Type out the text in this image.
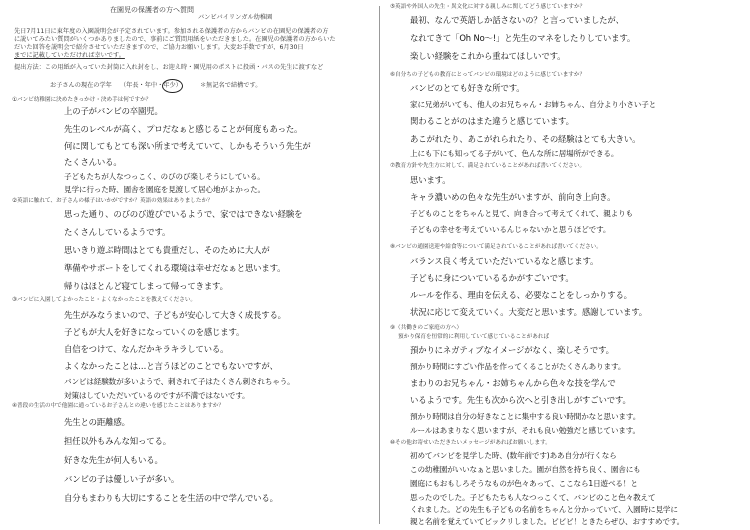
在園児の保護者の方へ質問
バンビバイリンガル幼稚園
先日7月11日に東年度の入園説明会が予定されています。参加される保護者の方からバンビの在園児の保護者の方
に説いてみたい質問がいくつかありましたので、事前にご質問用紙をいただきました。在園児の保護者の方からいた
だいた回答を説明会で紹介させていただきますので、ご協力お願いします。大変お手数ですが、6月30日
までに記載していただければ幸いです。
提出方法：この用紙が入っていた封筒に入れ封をし、お迎え時・園児用のポストに投函・バスの先生に渡すなど
お子さんの現在の学年 （年長・年中・年少）	＊無記名で結構です。
①バンビ幼稚園に決めたきっかけ・決め手は何ですか？
上の子がバンビの卒園児。
先生のレベルが高く、プロだなぁと感じることが何度もあった。
何に関してもとても深い所まで考えていて、しかもそういう先生が
たくさんいる。
子どもたちが人なつっこく、のびのび楽しそうにしている。
見学に行った時、園舎を園庭を見渡して居心地がよかった。
②英語に触れて、お子さんの様子はいかがですか？英語の効果はありましたか？
思った通り、のびのび遊びでいるようで、家ではできない経験を
たくさんしているようです。
思いきり遊ぶ時間はとても貴重だし、そのために大人が
準備やサポートをしてくれる環境は幸せだなぁと思います。
帰りはほとんど寝てしまって帰ってきます。
③バンビに入園してよかったこと・よくなかったことを教えてください。
先生がみなうまいので、子どもが安心して大きく成長する。
子どもが大人を好きになっていくのを感じます。
自信をつけて、なんだかキラキラしている。
よくなかったことは…と言うほどのことでもないですが、
バンビは経験数が多いようで、刺されて子はたくさん刺されちゃう。
対策はしていただいているのですが不満ではないです。
④普段の生活の中で他園に通っているお子さんとの違いを感じたことはありますか？
先生との距離感。
担任以外もみんな知ってる。
好きな先生が何人もいる。
バンビの子は優しい子が多い。
自分もまわりも大切にすることを生活の中で学んでいる。
⑤英語や外国人の先生・異文化に対する親しみに関してどう感じていますか？
最初、なんで英語しか話さないの？と言っていましたが、
なれてきて「Oh No～!」と先生のマネをしたりしています。
楽しい経験をこれから重ねてほしいです。
⑥自分ちの子どもの教育にとってバンビの環境はどのように感じていますか？
バンビのとても好きな所です。
家に兄弟がいても、他人のお兄ちゃん・お姉ちゃん、自分より小さい子と
関わることがのはまた違うと感じています。
あこがれたり、あこがれられたり、その経験はとても大きい。
上にも下にも知ってる子がいて、色んな所に居場所ができる。
⑦教育方針や先生方に対して、満足されていることがあれば書いてください。
思います。
キャラ濃いめの色々な先生がいますが、前向き上向き。
子どものことをちゃんと見て、向き合って考えてくれて、親よりも
子どもの幸せを考えていいるんじゃないかと思うほどです。
⑧バンビの通園送迎や給食等について満足されていることがあれば書いてください。
バランス良く考えていただいているなと感じます。
子どもに身についているるかがすごいです。
ルールを作る、理由を伝える、必要なことをしっかりする。
状況に応じて変えていく。大変だと思います。感謝しています。
⑨（共働きのご家庭の方へ）
預かり保育を恒常的に利用していて感じていることがあれば
預かりにネガティブなイメージがなく、楽しそうです。
預かり時間にすごい作品を作ってくることがたくさんあります。
まわりのお兄ちゃん・お姉ちゃんから色々な技を学んで
いるようです。先生も次から次へと引き出しがすごいです。
預かり時間は自分の好きなことに集中する良い時間かなと思います。
ルールはあまりなく思いますが、それも良い勉強だと感じています。
⑩その他お寄せいただきたいメッセージがあればお願いします。
初めてバンビを見学した時、(数年前です)ああ自分が行くなら
この幼稚園がいいなぁと思いました。園が自然を持ち良く、園舎にも
園庭にもおもしろそうなものが色々あって、ここなら1日遊べる！と
思ったのでした。子どもたちも人なつっこくて、バンビのこと色々教えて
くれました。どの先生も子どもの名前をちゃんと分かっていて、入園時に見学に
親と名前を覚えていてビックリしました。ビビビ！ときたらぜひ、おすすめです。
